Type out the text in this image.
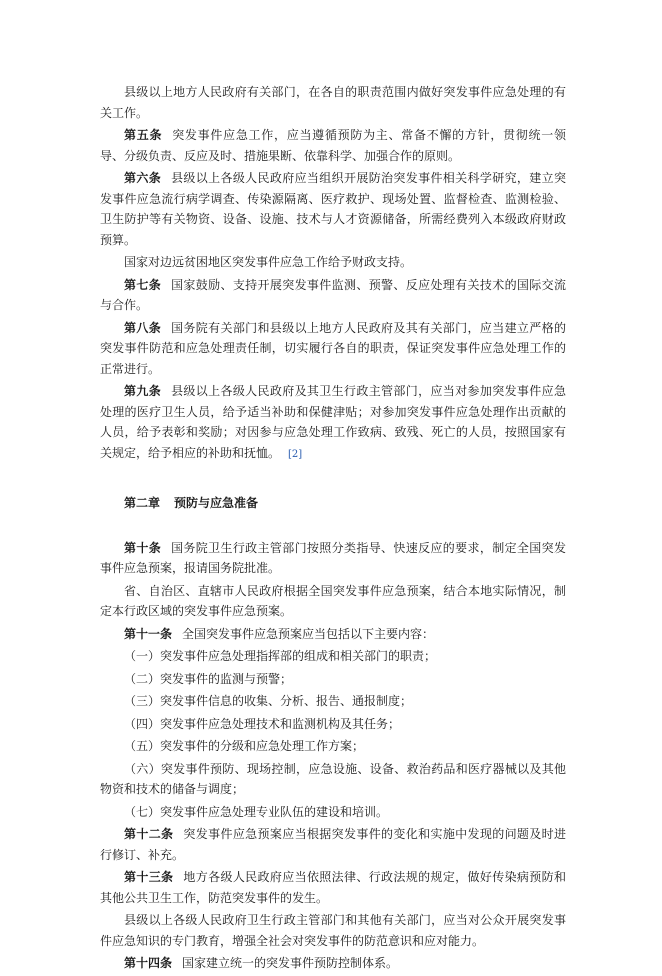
县级以上地方人民政府有关部门，在各自的职责范围内做好突发事件应急处理的有关工作。

第五条 突发事件应急工作，应当遵循预防为主、常备不懈的方针，贯彻统一领导、分级负责、反应及时、措施果断、依靠科学、加强合作的原则。

第六条 县级以上各级人民政府应当组织开展防治突发事件相关科学研究，建立突发事件应急流行病学调查、传染源隔离、医疗救护、现场处置、监督检查、监测检验、卫生防护等有关物资、设备、设施、技术与人才资源储备，所需经费列入本级政府财政预算。

国家对边远贫困地区突发事件应急工作给予财政支持。

第七条 国家鼓励、支持开展突发事件监测、预警、反应处理有关技术的国际交流与合作。

第八条 国务院有关部门和县级以上地方人民政府及其有关部门，应当建立严格的突发事件防范和应急处理责任制，切实履行各自的职责，保证突发事件应急处理工作的正常进行。

第九条 县级以上各级人民政府及其卫生行政主管部门，应当对参加突发事件应急处理的医疗卫生人员，给予适当补助和保健津贴；对参加突发事件应急处理作出贡献的人员，给予表彰和奖励；对因参与应急处理工作致病、致残、死亡的人员，按照国家有关规定，给予相应的补助和抚恤。 [2]

第二章 预防与应急准备

第十条 国务院卫生行政主管部门按照分类指导、快速反应的要求，制定全国突发事件应急预案，报请国务院批准。

省、自治区、直辖市人民政府根据全国突发事件应急预案，结合本地实际情况，制定本行政区域的突发事件应急预案。

第十一条 全国突发事件应急预案应当包括以下主要内容：

（一）突发事件应急处理指挥部的组成和相关部门的职责；

（二）突发事件的监测与预警；

（三）突发事件信息的收集、分析、报告、通报制度；

（四）突发事件应急处理技术和监测机构及其任务；

（五）突发事件的分级和应急处理工作方案；

（六）突发事件预防、现场控制，应急设施、设备、救治药品和医疗器械以及其他物资和技术的储备与调度；

（七）突发事件应急处理专业队伍的建设和培训。

第十二条 突发事件应急预案应当根据突发事件的变化和实施中发现的问题及时进行修订、补充。

第十三条 地方各级人民政府应当依照法律、行政法规的规定，做好传染病预防和其他公共卫生工作，防范突发事件的发生。

县级以上各级人民政府卫生行政主管部门和其他有关部门，应当对公众开展突发事件应急知识的专门教育，增强全社会对突发事件的防范意识和应对能力。

第十四条 国家建立统一的突发事件预防控制体系。
